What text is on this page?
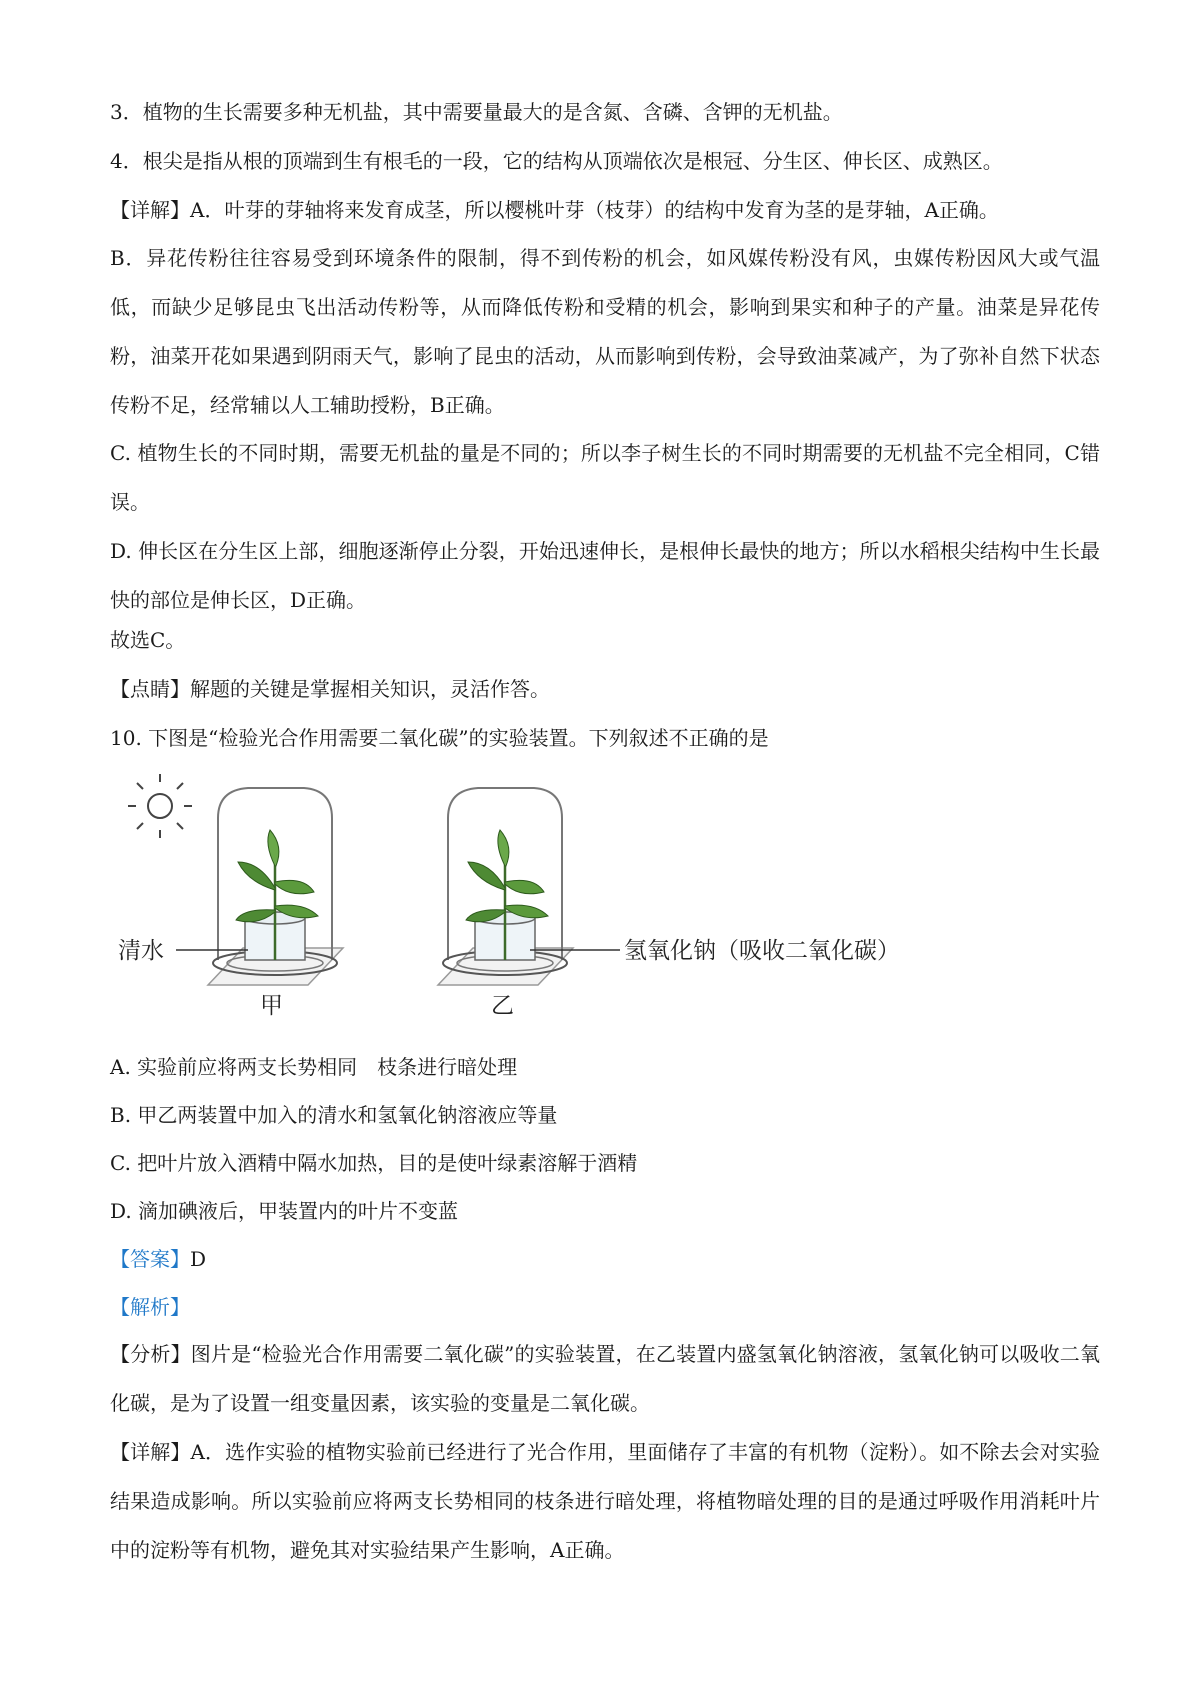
3．植物的生长需要多种无机盐，其中需要量最大的是含氮、含磷、含钾的无机盐。
4．根尖是指从根的顶端到生有根毛的一段，它的结构从顶端依次是根冠、分生区、伸长区、成熟区。
【详解】A．叶芽的芽轴将来发育成茎，所以樱桃叶芽（枝芽）的结构中发育为茎的是芽轴，A正确。

B．异花传粉往往容易受到环境条件的限制，得不到传粉的机会，如风媒传粉没有风，虫媒传粉因风大或气温低，而缺少足够昆虫飞出活动传粉等，从而降低传粉和受精的机会，影响到果实和种子的产量。油菜是异花传粉，油菜开花如果遇到阴雨天气，影响了昆虫的活动，从而影响到传粉，会导致油菜减产，为了弥补自然下状态传粉不足，经常辅以人工辅助授粉，B正确。

C. 植物生长的不同时期，需要无机盐的量是不同的；所以李子树生长的不同时期需要的无机盐不完全相同，C错误。

D. 伸长区在分生区上部，细胞逐渐停止分裂，开始迅速伸长，是根伸长最快的地方；所以水稻根尖结构中生长最快的部位是伸长区，D正确。

故选C。
【点睛】解题的关键是掌握相关知识，灵活作答。
10. 下图是“检验光合作用需要二氧化碳”的实验装置。下列叙述不正确的是
清水	氢氧化钠（吸收二氧化碳）
甲	乙
A. 实验前应将两支长势相同　枝条进行暗处理
B. 甲乙两装置中加入的清水和氢氧化钠溶液应等量
C. 把叶片放入酒精中隔水加热，目的是使叶绿素溶解于酒精
D. 滴加碘液后，甲装置内的叶片不变蓝
【答案】D
【解析】

【分析】图片是“检验光合作用需要二氧化碳”的实验装置，在乙装置内盛氢氧化钠溶液，氢氧化钠可以吸收二氧化碳，是为了设置一组变量因素，该实验的变量是二氧化碳。

【详解】A．选作实验的植物实验前已经进行了光合作用，里面储存了丰富的有机物（淀粉）。如不除去会对实验结果造成影响。所以实验前应将两支长势相同的枝条进行暗处理，将植物暗处理的目的是通过呼吸作用消耗叶片中的淀粉等有机物，避免其对实验结果产生影响，A正确。
